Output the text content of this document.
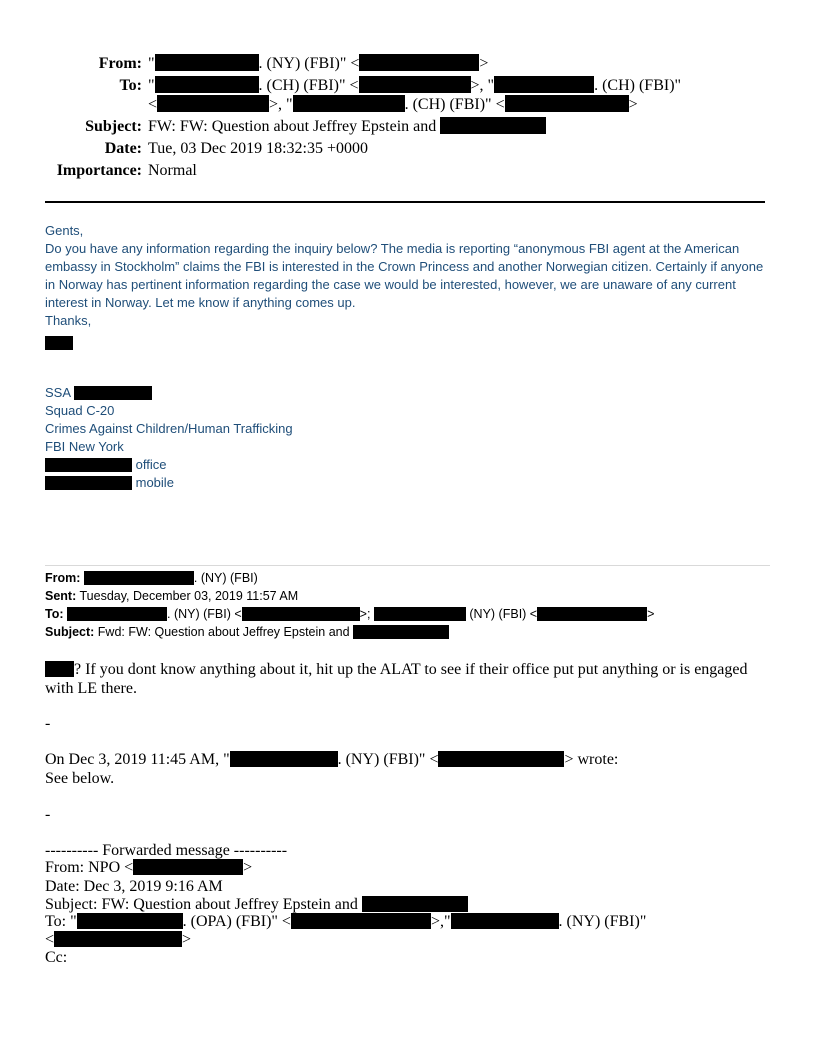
From: "	. (NY) (FBI)" <	>
To: "	. (CH) (FBI)" <	>, "	. (CH) (FBI)"
<	>, "	. (CH) (FBI)" <	>
Subject: FW: FW: Question about Jeffrey Epstein and
Date: Tue, 03 Dec 2019 18:32:35 +0000
Importance: Normal

Gents,

Do you have any information regarding the inquiry below? The media is reporting “anonymous FBI agent at the American embassy in Stockholm” claims the FBI is interested in the Crown Princess and another Norwegian citizen. Certainly if anyone in Norway has pertinent information regarding the case we would be interested, however, we are unaware of any current interest in Norway. Let me know if anything comes up.

Thanks,

SSA

Squad C-20

Crimes Against Children/Human Trafficking

FBI New York

office

mobile

From:	. (NY) (FBI)
Sent: Tuesday, December 03, 2019 11:57 AM
To:	. (NY) (FBI) <	>;	(NY) (FBI) <	>
Subject: Fwd: FW: Question about Jeffrey Epstein and
? If you dont know anything about it, hit up the ALAT to see if their office put put anything or is engaged
with LE there.
-
On Dec 3, 2019 11:45 AM, "	. (NY) (FBI)" <	> wrote:
See below.
-
---------- Forwarded message ----------
From: NPO <	>
Date: Dec 3, 2019 9:16 AM
Subject: FW: Question about Jeffrey Epstein and
To: "	. (OPA) (FBI)" <	>,"	. (NY) (FBI)"
<	>
Cc:
